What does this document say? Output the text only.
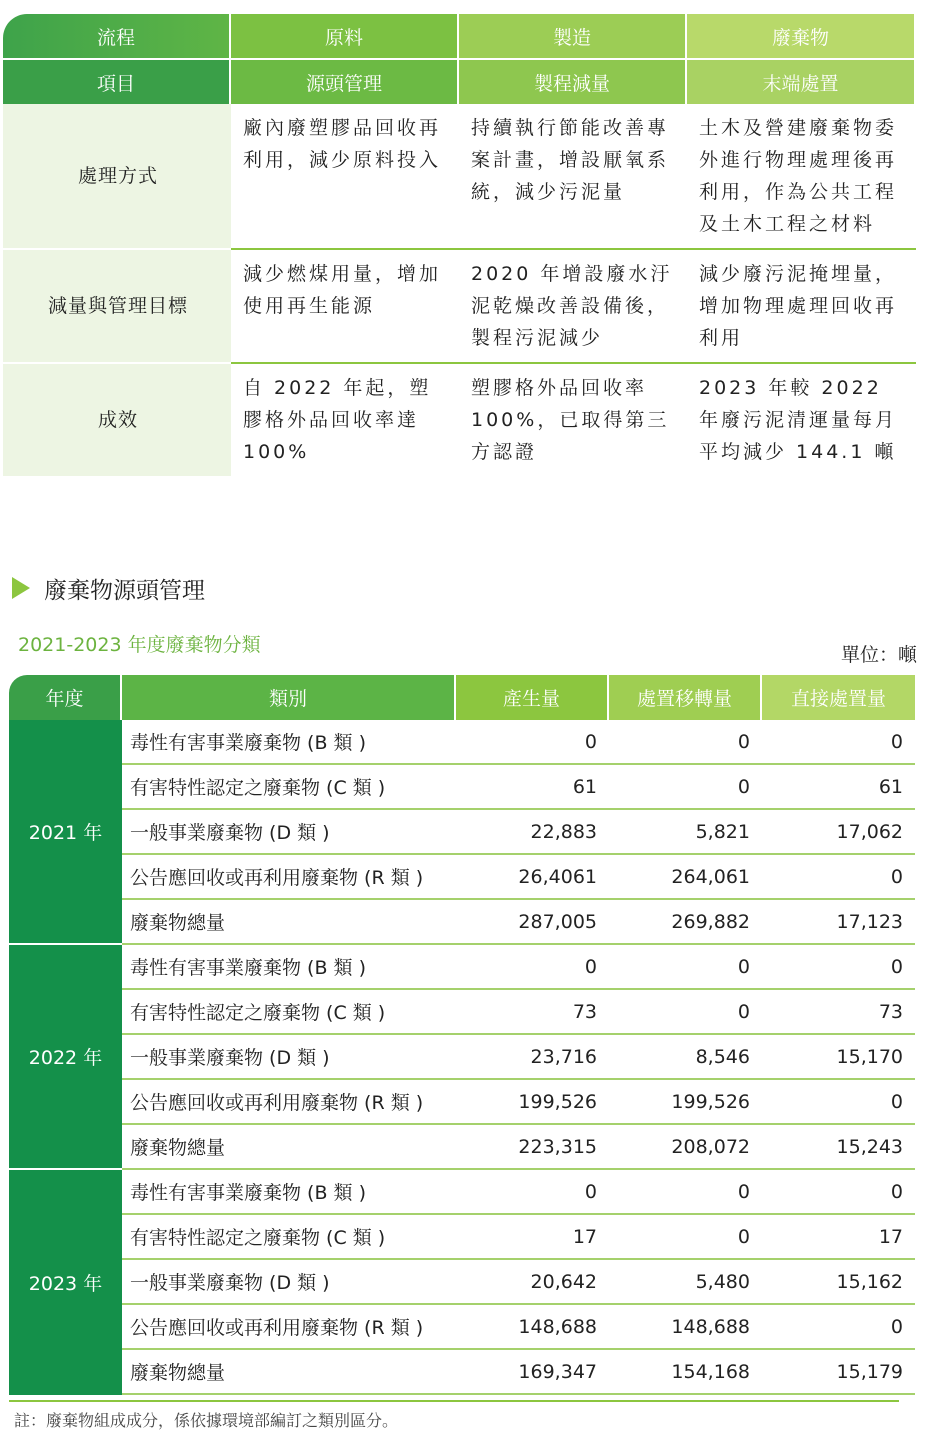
流程	原料	製造	廢棄物
項目	源頭管理	製程減量	末端處置
處理方式	廠內廢塑膠品回收再利用，減少原料投入	持續執行節能改善專案計畫，增設厭氧系統，減少污泥量	土木及營建廢棄物委外進行物理處理後再利用，作為公共工程及土木工程之材料
減量與管理目標	減少燃煤用量，增加使用再生能源	2020 年增設廢水汙泥乾燥改善設備後，製程污泥減少	減少廢污泥掩埋量，增加物理處理回收再利用
成效	自 2022 年起，塑膠格外品回收率達 100%	塑膠格外品回收率 100%，已取得第三方認證	2023 年較 2022 年廢污泥清運量每月平均減少 144.1 噸
廢棄物源頭管理
2021-2023 年度廢棄物分類	單位：噸
年度	類別	產生量	處置移轉量	直接處置量
2021 年	毒性有害事業廢棄物 (B 類 )	0	0	0
	有害特性認定之廢棄物 (C 類 )	61	0	61
	一般事業廢棄物 (D 類 )	22,883	5,821	17,062
	公告應回收或再利用廢棄物 (R 類 )	26,4061	264,061	0
	廢棄物總量	287,005	269,882	17,123
2022 年	毒性有害事業廢棄物 (B 類 )	0	0	0
	有害特性認定之廢棄物 (C 類 )	73	0	73
	一般事業廢棄物 (D 類 )	23,716	8,546	15,170
	公告應回收或再利用廢棄物 (R 類 )	199,526	199,526	0
	廢棄物總量	223,315	208,072	15,243
2023 年	毒性有害事業廢棄物 (B 類 )	0	0	0
	有害特性認定之廢棄物 (C 類 )	17	0	17
	一般事業廢棄物 (D 類 )	20,642	5,480	15,162
	公告應回收或再利用廢棄物 (R 類 )	148,688	148,688	0
	廢棄物總量	169,347	154,168	15,179
註：廢棄物組成成分，係依據環境部編訂之類別區分。
